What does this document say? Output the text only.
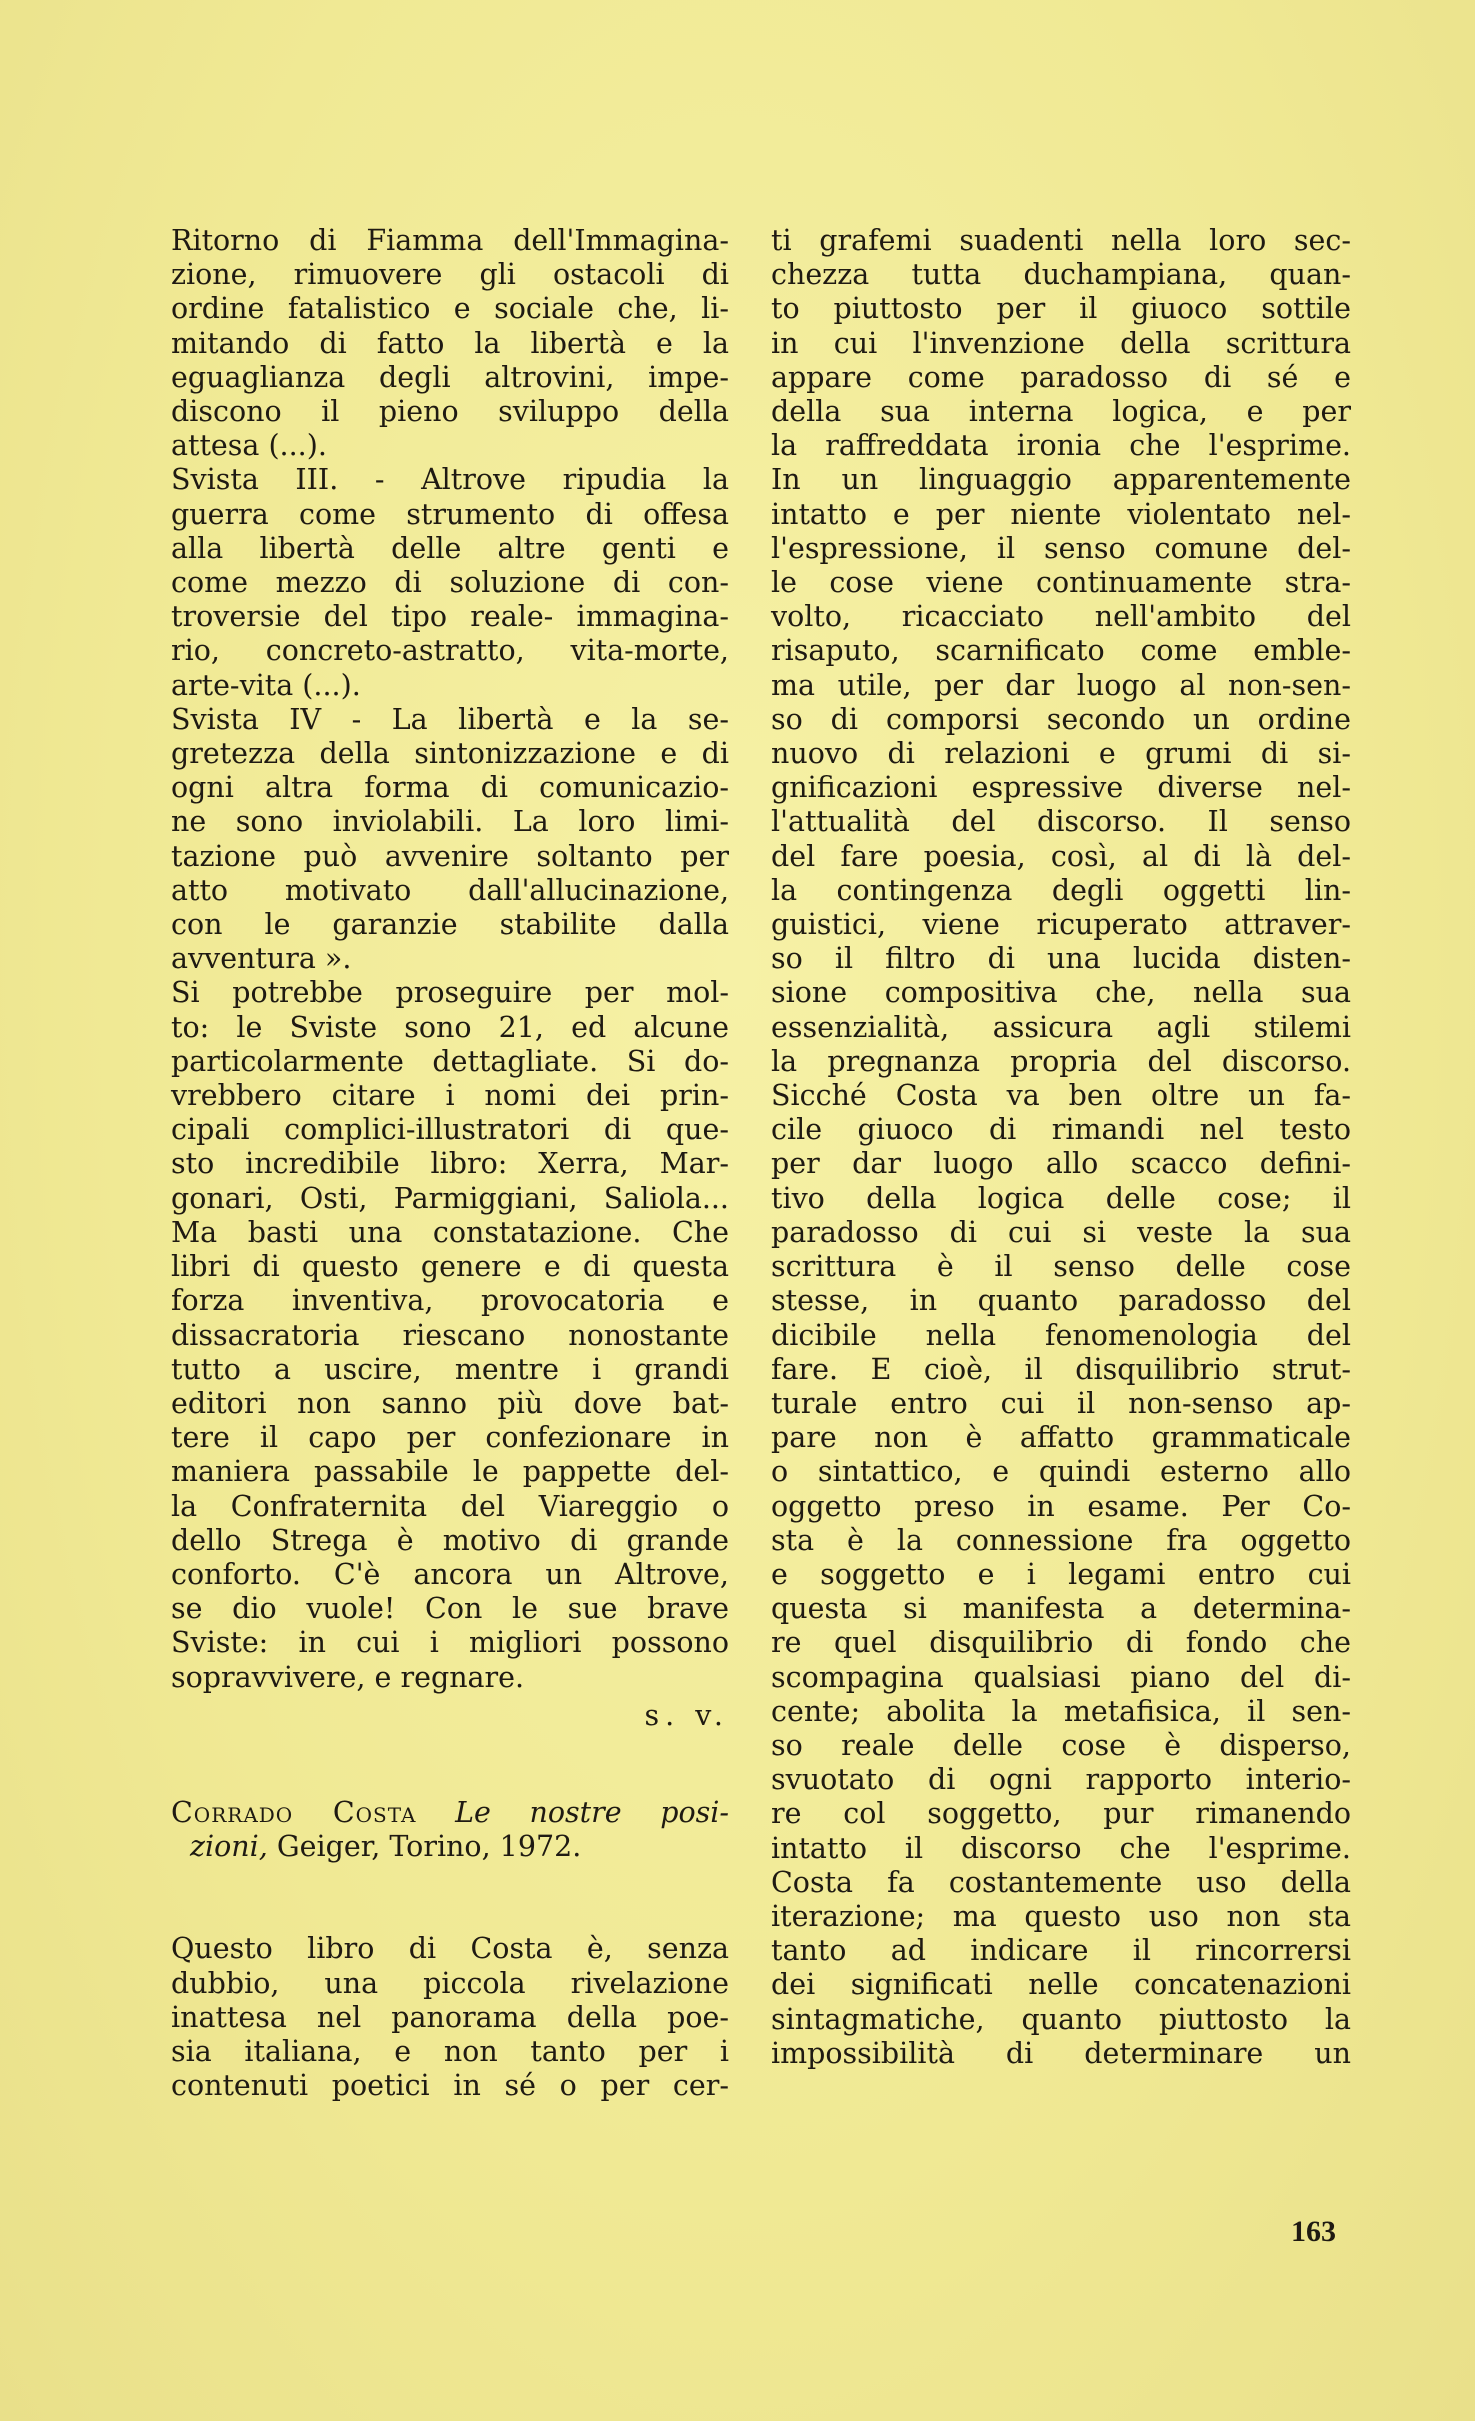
Ritorno di Fiamma dell'Immagina-
zione, rimuovere gli ostacoli di
ordine fatalistico e sociale che, li-
mitando di fatto la libertà e la
eguaglianza degli altrovini, impe-
discono il pieno sviluppo della
attesa (...).
Svista III. - Altrove ripudia la
guerra come strumento di offesa
alla libertà delle altre genti e
come mezzo di soluzione di con-
troversie del tipo reale- immagina-
rio, concreto-astratto, vita-morte,
arte-vita (...).
Svista IV - La libertà e la se-
gretezza della sintonizzazione e di
ogni altra forma di comunicazio-
ne sono inviolabili. La loro limi-
tazione può avvenire soltanto per
atto motivato dall'allucinazione,
con le garanzie stabilite dalla
avventura ».
Si potrebbe proseguire per mol-
to: le Sviste sono 21, ed alcune
particolarmente dettagliate. Si do-
vrebbero citare i nomi dei prin-
cipali complici-illustratori di que-
sto incredibile libro: Xerra, Mar-
gonari, Osti, Parmiggiani, Saliola...
Ma basti una constatazione. Che
libri di questo genere e di questa
forza inventiva, provocatoria e
dissacratoria riescano nonostante
tutto a uscire, mentre i grandi
editori non sanno più dove bat-
tere il capo per confezionare in
maniera passabile le pappette del-
la Confraternita del Viareggio o
dello Strega è motivo di grande
conforto. C'è ancora un Altrove,
se dio vuole! Con le sue brave
Sviste: in cui i migliori possono
sopravvivere, e regnare.
s. v.
Corrado Costa Le nostre posi-
zioni, Geiger, Torino, 1972.
Questo libro di Costa è, senza
dubbio, una piccola rivelazione
inattesa nel panorama della poe-
sia italiana, e non tanto per i
contenuti poetici in sé o per cer-
ti grafemi suadenti nella loro sec-
chezza tutta duchampiana, quan-
to piuttosto per il giuoco sottile
in cui l'invenzione della scrittura
appare come paradosso di sé e
della sua interna logica, e per
la raffreddata ironia che l'esprime.
In un linguaggio apparentemente
intatto e per niente violentato nel-
l'espressione, il senso comune del-
le cose viene continuamente stra-
volto, ricacciato nell'ambito del
risaputo, scarnificato come emble-
ma utile, per dar luogo al non-sen-
so di comporsi secondo un ordine
nuovo di relazioni e grumi di si-
gnificazioni espressive diverse nel-
l'attualità del discorso. Il senso
del fare poesia, così, al di là del-
la contingenza degli oggetti lin-
guistici, viene ricuperato attraver-
so il filtro di una lucida disten-
sione compositiva che, nella sua
essenzialità, assicura agli stilemi
la pregnanza propria del discorso.
Sicché Costa va ben oltre un fa-
cile giuoco di rimandi nel testo
per dar luogo allo scacco defini-
tivo della logica delle cose; il
paradosso di cui si veste la sua
scrittura è il senso delle cose
stesse, in quanto paradosso del
dicibile nella fenomenologia del
fare. E cioè, il disquilibrio strut-
turale entro cui il non-senso ap-
pare non è affatto grammaticale
o sintattico, e quindi esterno allo
oggetto preso in esame. Per Co-
sta è la connessione fra oggetto
e soggetto e i legami entro cui
questa si manifesta a determina-
re quel disquilibrio di fondo che
scompagina qualsiasi piano del di-
cente; abolita la metafisica, il sen-
so reale delle cose è disperso,
svuotato di ogni rapporto interio-
re col soggetto, pur rimanendo
intatto il discorso che l'esprime.
Costa fa costantemente uso della
iterazione; ma questo uso non sta
tanto ad indicare il rincorrersi
dei significati nelle concatenazioni
sintagmatiche, quanto piuttosto la
impossibilità di determinare un
163
